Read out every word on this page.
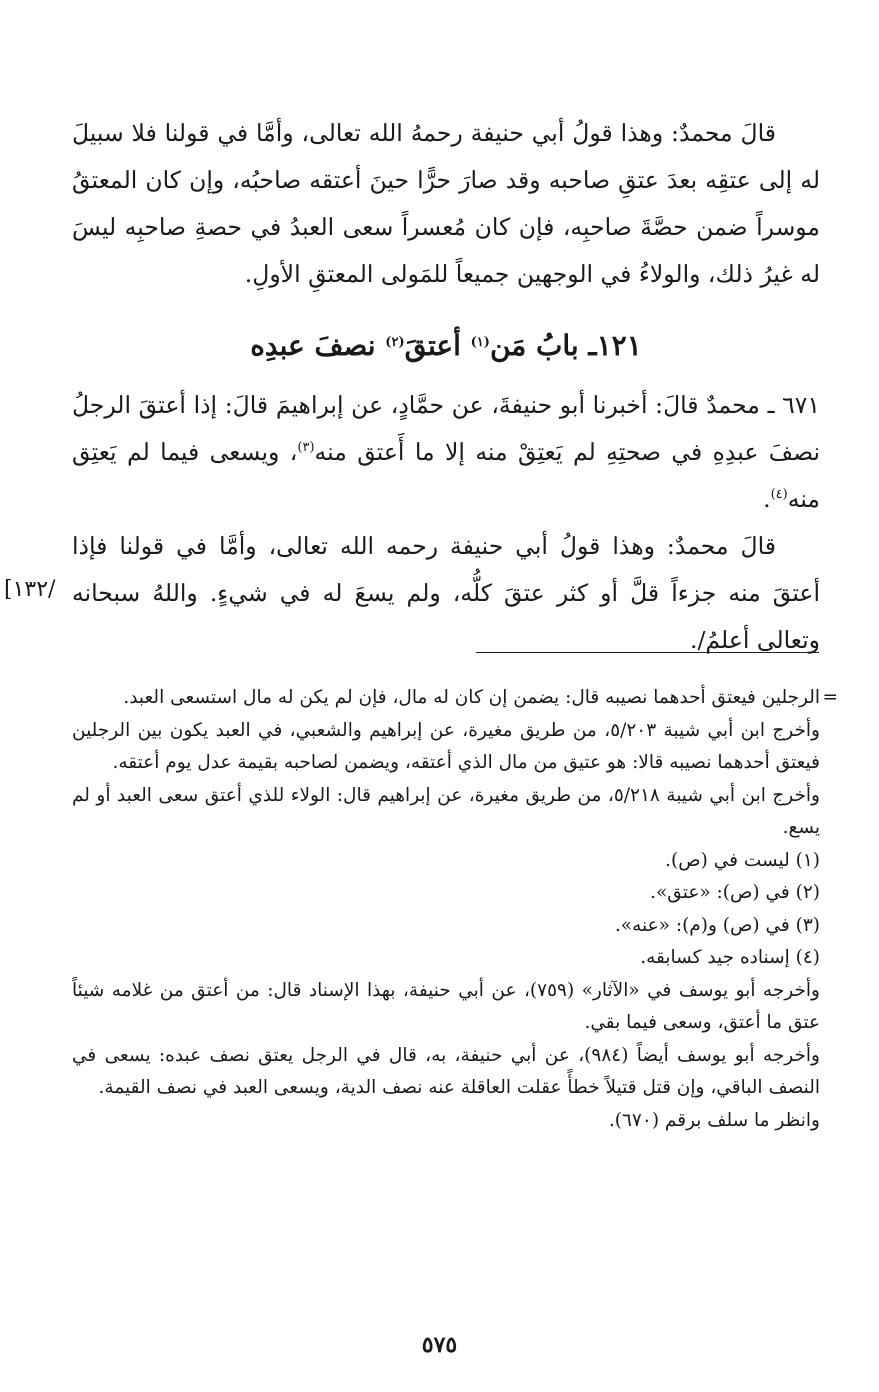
قالَ محمدٌ: وهذا قولُ أبي حنيفة رحمهُ الله تعالى، وأمَّا في قولنا فلا سبيلَ له إلى عتقِه بعدَ عتقِ صاحبه وقد صارَ حرًّا حينَ أعتقه صاحبُه، وإن كان المعتقُ موسراً ضمن حصَّةَ صاحبِه، فإن كان مُعسراً سعى العبدُ في حصةِ صاحبِه ليسَ له غيرُ ذلك، والولاءُ في الوجهين جميعاً للمَولى المعتقِ الأولِ.

١٢١ـ بابُ مَن$^{(١)}$ أعتقَ$^{(٢)}$ نصفَ عبدِه

٦٧١ ـ محمدٌ قالَ: أخبرنا أبو حنيفةَ، عن حمَّادٍ، عن إبراهيمَ قالَ: إذا أعتقَ الرجلُ نصفَ عبدِهِ في صحتِهِ لم يَعتِقْ منه إلا ما أَعتق منه$^{(٣)}$، ويسعى فيما لم يَعتِق منه$^{(٤)}$.

قالَ محمدٌ: وهذا قولُ أبي حنيفة رحمه الله تعالى، وأمَّا في قولنا فإذا أعتقَ منه جزءاً قلَّ أو كثر عتقَ كلُّه، ولم يسعَ له في شيءٍ. واللهُ سبحانه وتعالى أعلمُ/.

[١٣٢/
=

الرجلين فيعتق أحدهما نصيبه قال: يضمن إن كان له مال، فإن لم يكن له مال استسعى العبد.

وأخرج ابن أبي شيبة ٥/٢٠٣، من طريق مغيرة، عن إبراهيم والشعبي، في العبد يكون بين الرجلين فيعتق أحدهما نصيبه قالا: هو عتيق من مال الذي أعتقه، ويضمن لصاحبه بقيمة عدل يوم أعتقه.

وأخرج ابن أبي شيبة ٥/٢١٨، من طريق مغيرة، عن إبراهيم قال: الولاء للذي أعتق سعى العبد أو لم يسع.

(١) ليست في (ص).

(٢) في (ص): «عتق».

(٣) في (ص) و(م): «عنه».

(٤) إسناده جيد كسابقه.

وأخرجه أبو يوسف في «الآثار» (٧٥٩)، عن أبي حنيفة، بهذا الإسناد قال: من أعتق من غلامه شيئاً عتق ما أعتق، وسعى فيما بقي.

وأخرجه أبو يوسف أيضاً (٩٨٤)، عن أبي حنيفة، به، قال في الرجل يعتق نصف عبده: يسعى في النصف الباقي، وإن قتل قتيلاً خطأً عقلت العاقلة عنه نصف الدية، ويسعى العبد في نصف القيمة.

وانظر ما سلف برقم (٦٧٠).

٥٧٥
